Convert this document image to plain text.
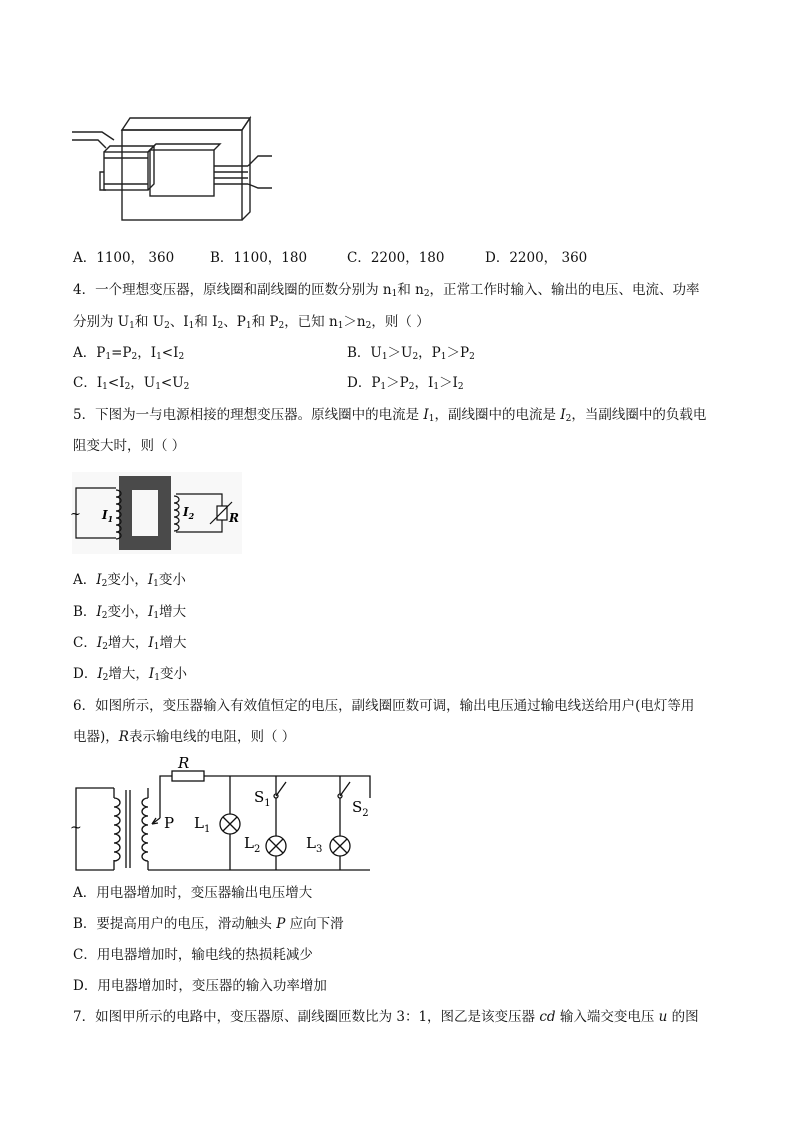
A．1100， 360	B．1100，180	C．2200，180	D．2200， 360
4．一个理想变压器，原线圈和副线圈的匝数分别为 $n_1$和 $n_2$，正常工作时输入、输出的电压、电流、功率
分别为 $U_1$和 $U_2$、$I_1$和 $I_2$、$P_1$和 $P_2$，已知 $n_1>n_2$，则（ ）
A．$P_1=P_2$，$I_1<I_2$	B．$U_1>U_2$，$P_1>P_2$
C．$I_1<I_2$，$U_1<U_2$	D．$P_1>P_2$，$I_1>I_2$
5．下图为一与电源相接的理想变压器。原线圈中的电流是 $I_1$，副线圈中的电流是 $I_2$，当副线圈中的负载电
阻变大时，则（ ）
~ $I_1$	$I_2$	R
A．$I_2$变小，$I_1$变小
B．$I_2$变小，$I_1$增大
C．$I_2$增大，$I_1$增大
D．$I_2$增大，$I_1$变小
6．如图所示，变压器输入有效值恒定的电压，副线圈匝数可调，输出电压通过输电线送给用户(电灯等用
电器)，R表示输电线的电阻，则（ ）
R
~	P $L_1$
$S_1$
$L_2$
$S_2$
$L_3$
A．用电器增加时，变压器输出电压增大
B．要提高用户的电压，滑动触头 P 应向下滑
C．用电器增加时，输电线的热损耗减少
D．用电器增加时，变压器的输入功率增加
7．如图甲所示的电路中，变压器原、副线圈匝数比为 3：1，图乙是该变压器 cd 输入端交变电压 u 的图
